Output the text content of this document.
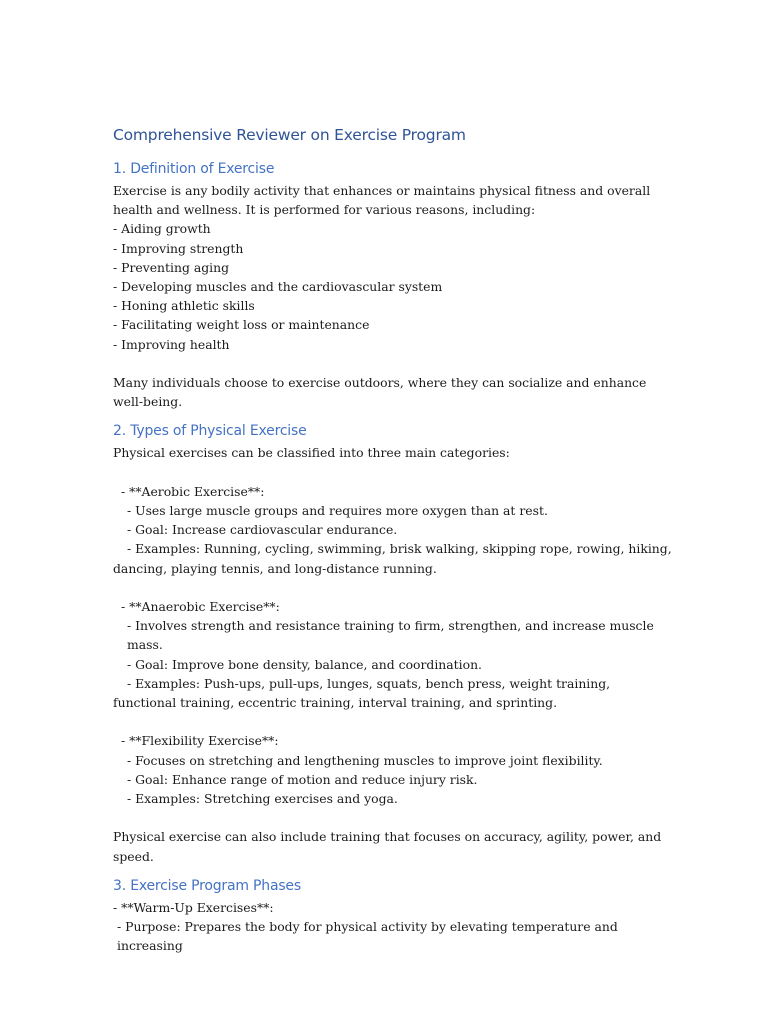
Comprehensive Reviewer on Exercise Program
1. Definition of Exercise
Exercise is any bodily activity that enhances or maintains physical fitness and overall health and wellness. It is performed for various reasons, including:
- Aiding growth
- Improving strength
- Preventing aging
- Developing muscles and the cardiovascular system
- Honing athletic skills
- Facilitating weight loss or maintenance
- Improving health
Many individuals choose to exercise outdoors, where they can socialize and enhance well-being.
2. Types of Physical Exercise
Physical exercises can be classified into three main categories:
- **Aerobic Exercise**:
- Uses large muscle groups and requires more oxygen than at rest.
- Goal: Increase cardiovascular endurance.
- Examples: Running, cycling, swimming, brisk walking, skipping rope, rowing, hiking, dancing, playing tennis, and long-distance running.
- **Anaerobic Exercise**:
- Involves strength and resistance training to firm, strengthen, and increase muscle mass.
- Goal: Improve bone density, balance, and coordination.
- Examples: Push-ups, pull-ups, lunges, squats, bench press, weight training, functional training, eccentric training, interval training, and sprinting.
- **Flexibility Exercise**:
- Focuses on stretching and lengthening muscles to improve joint flexibility.
- Goal: Enhance range of motion and reduce injury risk.
- Examples: Stretching exercises and yoga.
Physical exercise can also include training that focuses on accuracy, agility, power, and speed.
3. Exercise Program Phases
- **Warm-Up Exercises**:
- Purpose: Prepares the body for physical activity by elevating temperature and increasing
